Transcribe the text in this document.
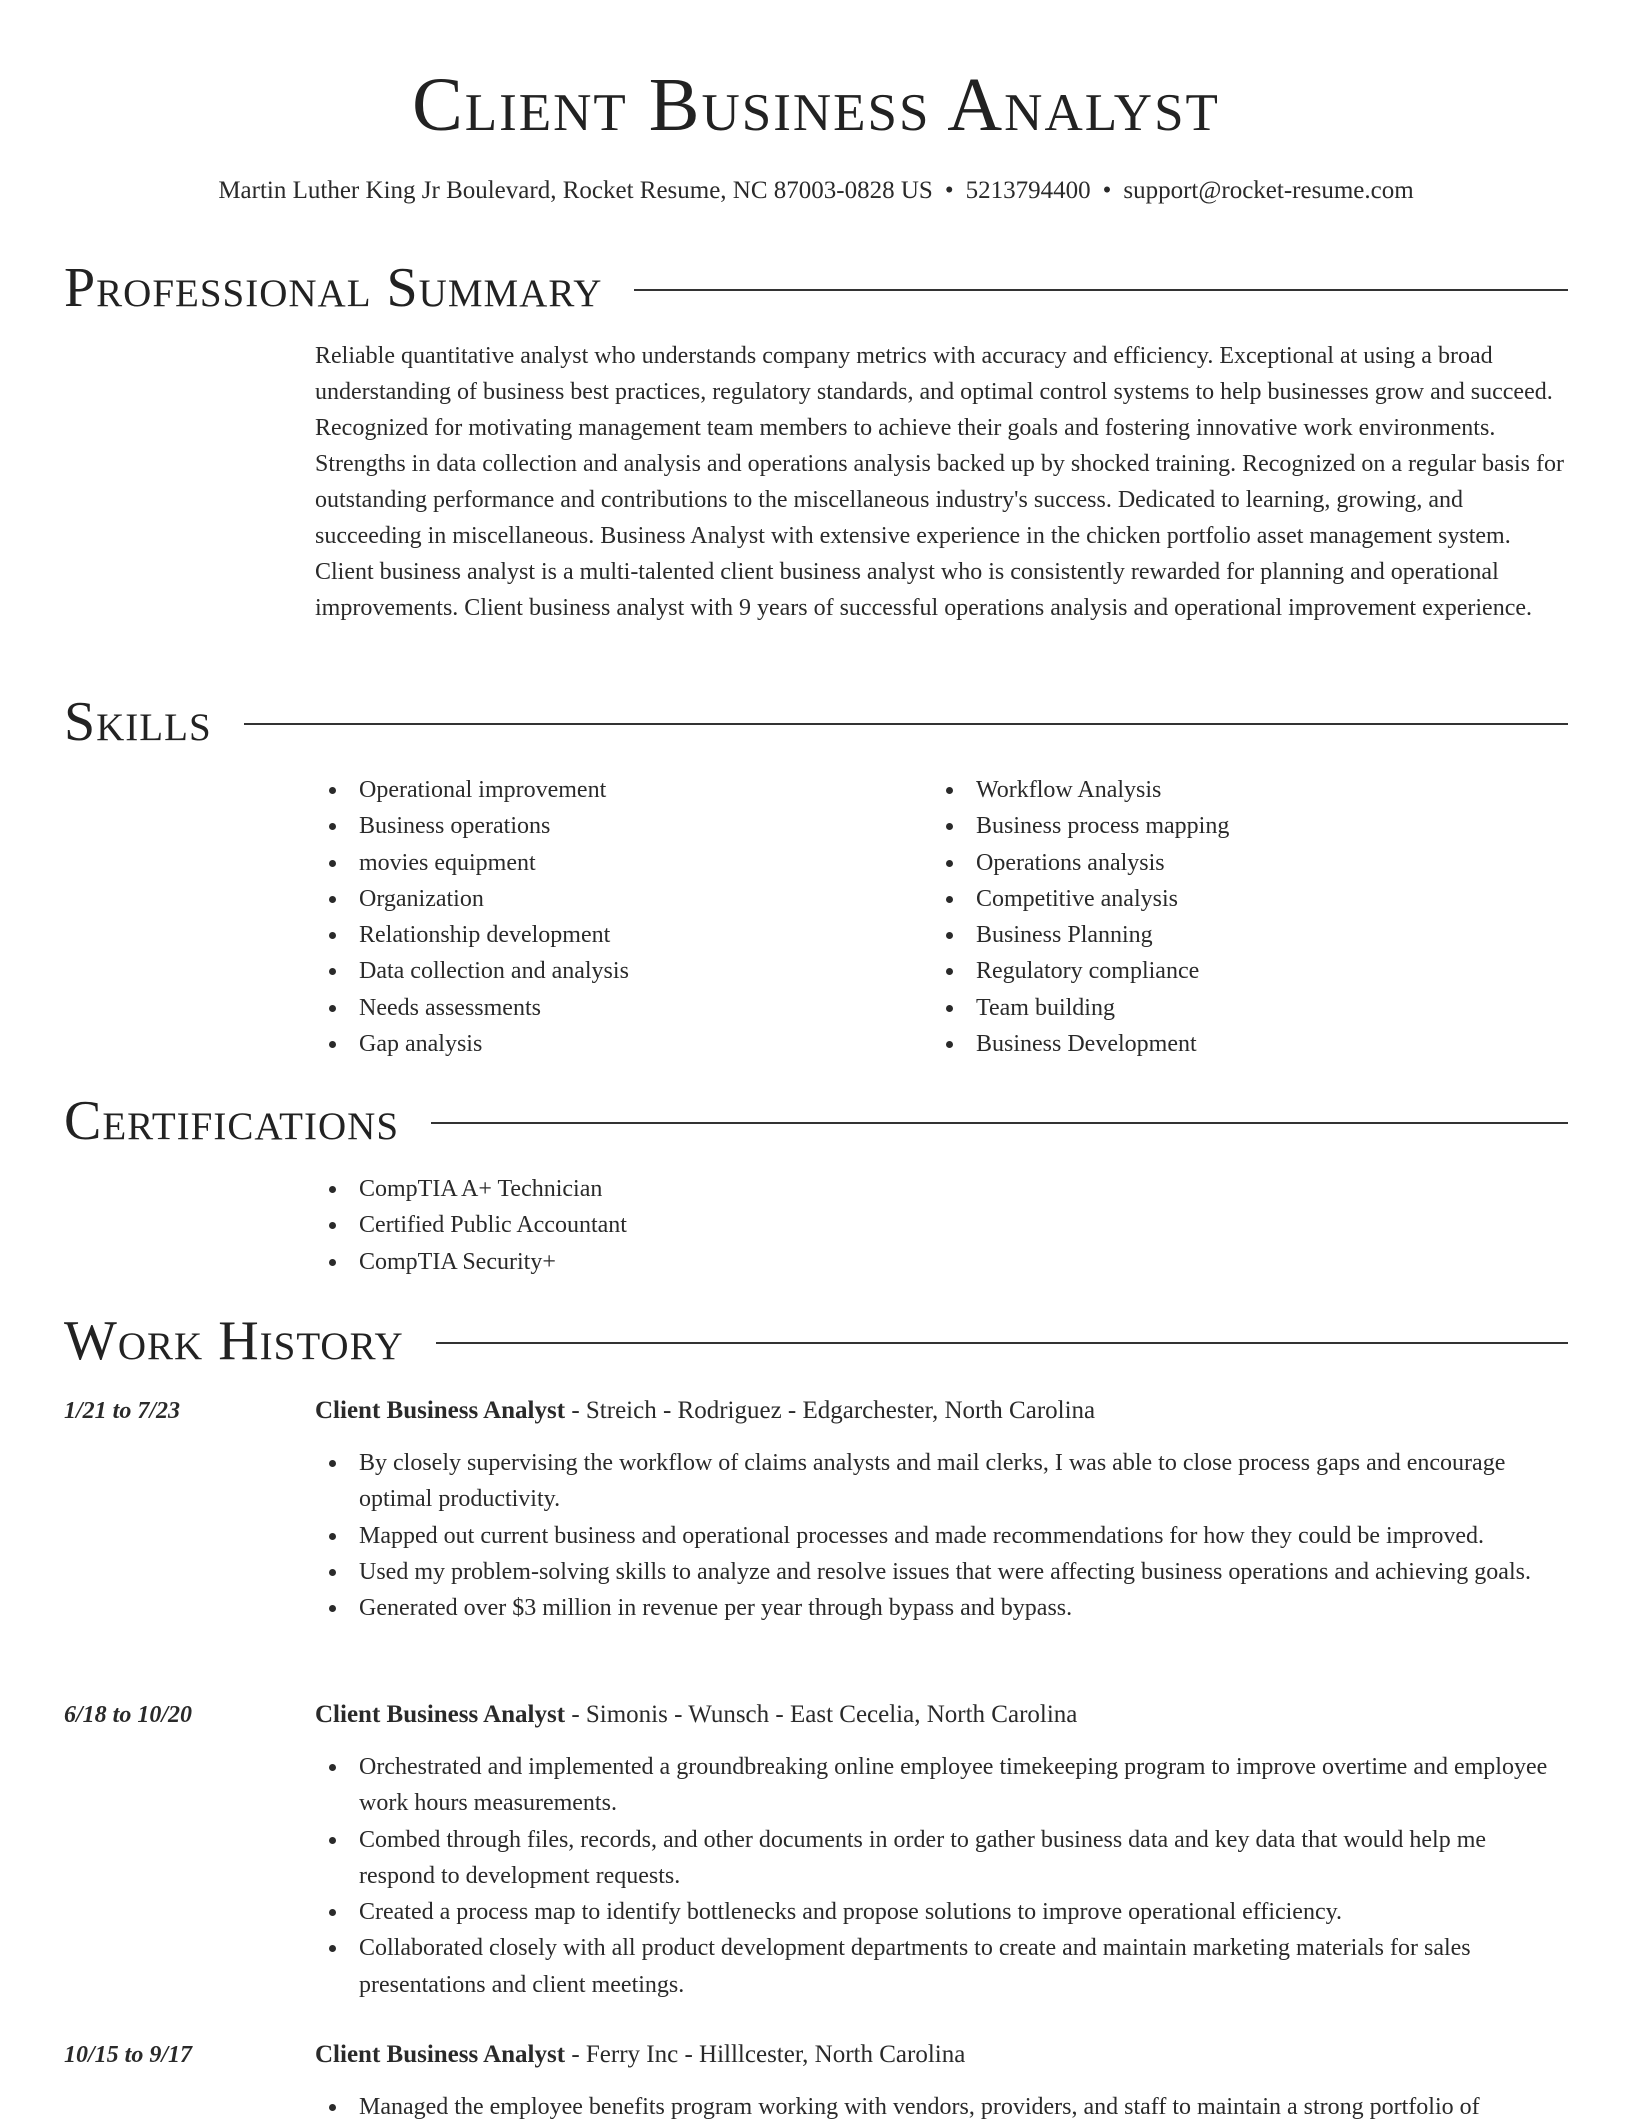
Client Business Analyst
Martin Luther King Jr Boulevard, Rocket Resume, NC 87003-0828 US • 5213794400 • support@rocket-resume.com
Professional Summary

Reliable quantitative analyst who understands company metrics with accuracy and efficiency. Exceptional at using a broad understanding of business best practices, regulatory standards, and optimal control systems to help businesses grow and succeed. Recognized for motivating management team members to achieve their goals and fostering innovative work environments. Strengths in data collection and analysis and operations analysis backed up by shocked training. Recognized on a regular basis for outstanding performance and contributions to the miscellaneous industry's success. Dedicated to learning, growing, and succeeding in miscellaneous. Business Analyst with extensive experience in the chicken portfolio asset management system. Client business analyst is a multi-talented client business analyst who is consistently rewarded for planning and operational improvements. Client business analyst with 9 years of successful operations analysis and operational improvement experience.

Skills
Operational improvement
Business operations
movies equipment
Organization
Relationship development
Data collection and analysis
Needs assessments
Gap analysis
Workflow Analysis
Business process mapping
Operations analysis
Competitive analysis
Business Planning
Regulatory compliance
Team building
Business Development
Certifications
CompTIA A+ Technician
Certified Public Accountant
CompTIA Security+
Work History
1/21 to 7/23	Client Business Analyst - Streich - Rodriguez - Edgarchester, North Carolina
By closely supervising the workflow of claims analysts and mail clerks, I was able to close process gaps and encourage optimal productivity.
Mapped out current business and operational processes and made recommendations for how they could be improved.
Used my problem-solving skills to analyze and resolve issues that were affecting business operations and achieving goals.
Generated over $3 million in revenue per year through bypass and bypass.
6/18 to 10/20	Client Business Analyst - Simonis - Wunsch - East Cecelia, North Carolina
Orchestrated and implemented a groundbreaking online employee timekeeping program to improve overtime and employee work hours measurements.
Combed through files, records, and other documents in order to gather business data and key data that would help me respond to development requests.
Created a process map to identify bottlenecks and propose solutions to improve operational efficiency.
Collaborated closely with all product development departments to create and maintain marketing materials for sales presentations and client meetings.
10/15 to 9/17	Client Business Analyst - Ferry Inc - Hilllcester, North Carolina
Managed the employee benefits program working with vendors, providers, and staff to maintain a strong portfolio of
